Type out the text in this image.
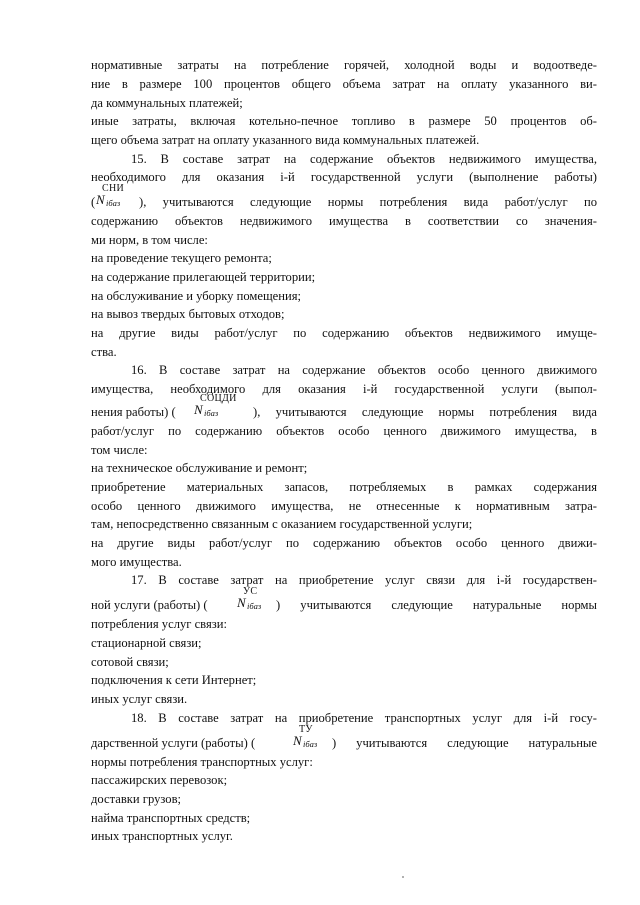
нормативные затраты на потребление горячей, холодной воды и водоотведе-
ние в размере 100 процентов общего объема затрат на оплату указанного ви-
да коммунальных платежей;
иные затраты, включая котельно-печное топливо в размере 50 процентов об-
щего объема затрат на оплату указанного вида коммунальных платежей.
15. В составе затрат на содержание объектов недвижимого имущества,
необходимого для оказания i-й государственной услуги (выполнение работы)
( N
СНИ
iбаз ), учитываются следующие нормы потребления вида работ/услуг по
содержанию объектов недвижимого имущества в соответствии со значения-
ми норм, в том числе:
на проведение текущего ремонта;
на содержание прилегающей территории;
на обслуживание и уборку помещения;
на вывоз твердых бытовых отходов;
на другие виды работ/услуг по содержанию объектов недвижимого имуще-
ства.
16. В составе затрат на содержание объектов особо ценного движимого
имущества, необходимого для оказания i-й государственной услуги (выпол-
нения работы) ( N
СОЦДИ
iбаз	), учитываются следующие нормы потребления вида
работ/услуг по содержанию объектов особо ценного движимого имущества, в
том числе:
на техническое обслуживание и ремонт;
приобретение материальных запасов, потребляемых в рамках содержания
особо ценного движимого имущества, не отнесенные к нормативным затра-
там, непосредственно связанным с оказанием государственной услуги;
на другие виды работ/услуг по содержанию объектов особо ценного движи-
мого имущества.
17. В составе затрат на приобретение услуг связи для i-й государствен-
ной услуги (работы) ( N
УС
iбаз ) учитываются следующие натуральные нормы
потребления услуг связи:
стационарной связи;
сотовой связи;
подключения к сети Интернет;
иных услуг связи.
18. В составе затрат на приобретение транспортных услуг для i-й госу-
дарственной услуги (работы) (	N
ТУ
iбаз ) учитываются следующие натуральные
нормы потребления транспортных услуг:
пассажирских перевозок;
доставки грузов;
найма транспортных средств;
иных транспортных услуг.
